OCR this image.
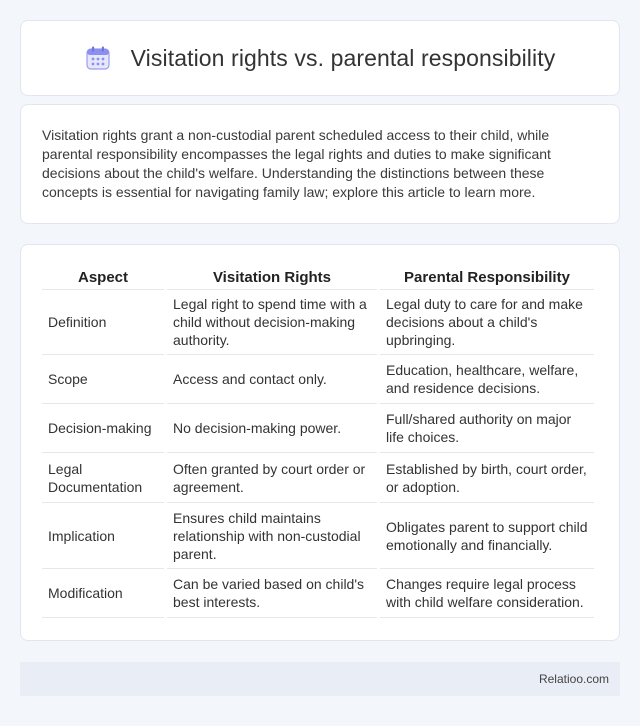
Visitation rights vs. parental responsibility

Visitation rights grant a non-custodial parent scheduled access to their child, while parental responsibility encompasses the legal rights and duties to make significant decisions about the child's welfare. Understanding the distinctions between these concepts is essential for navigating family law; explore this article to learn more.

Aspect	Visitation Rights	Parental Responsibility
Definition	Legal right to spend time with a child without decision-making authority.	Legal duty to care for and make decisions about a child's upbringing.
Scope	Access and contact only.	Education, healthcare, welfare, and residence decisions.
Decision-making	No decision-making power.	Full/shared authority on major life choices.
Legal Documentation	Often granted by court order or agreement.	Established by birth, court order, or adoption.
Implication	Ensures child maintains relationship with non-custodial parent.	Obligates parent to support child emotionally and financially.
Modification	Can be varied based on child's best interests.	Changes require legal process with child welfare consideration.
Relatioo.com
